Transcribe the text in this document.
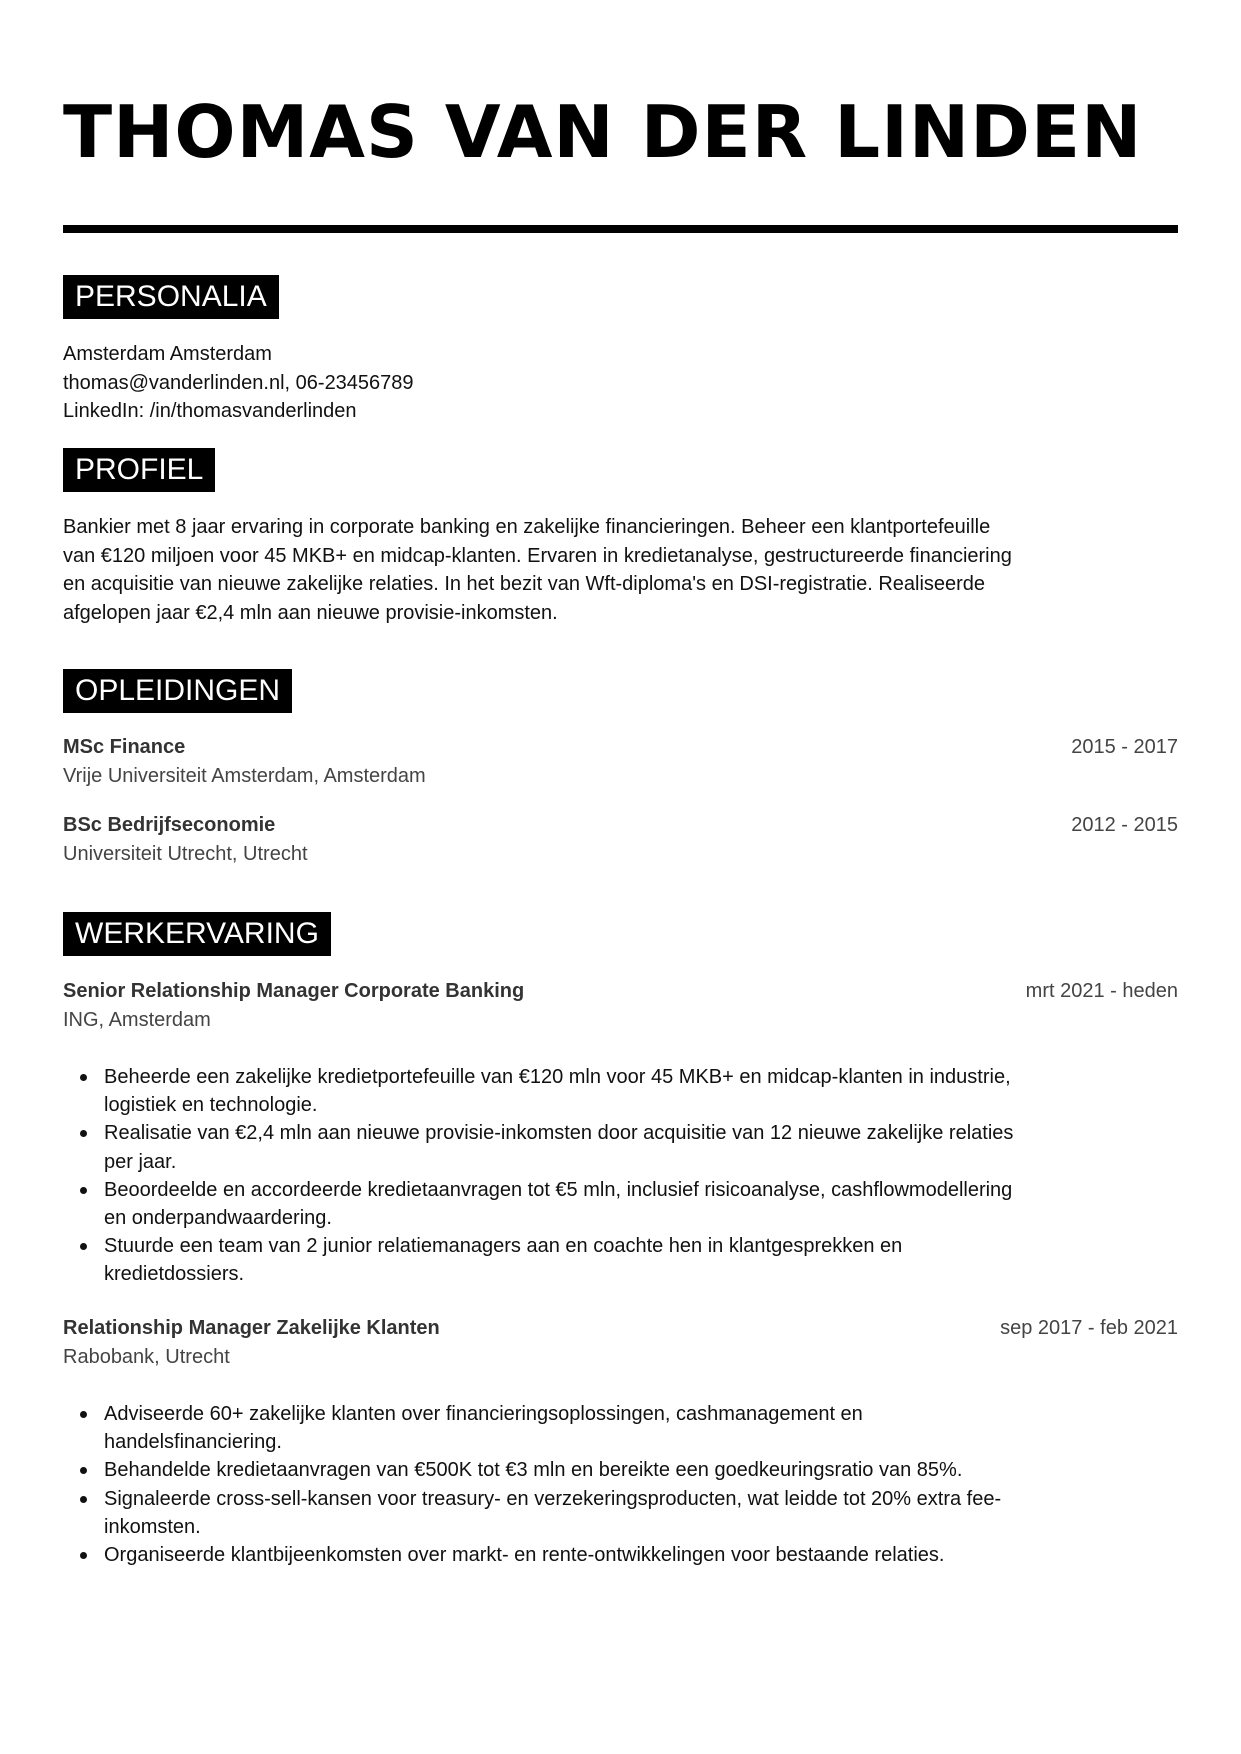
THOMAS VAN DER LINDEN
PERSONALIA
Amsterdam Amsterdam
thomas@vanderlinden.nl, 06-23456789
LinkedIn: /in/thomasvanderlinden
PROFIEL
Bankier met 8 jaar ervaring in corporate banking en zakelijke financieringen. Beheer een klantportefeuille
van €120 miljoen voor 45 MKB+ en midcap-klanten. Ervaren in kredietanalyse, gestructureerde financiering
en acquisitie van nieuwe zakelijke relaties. In het bezit van Wft-diploma's en DSI-registratie. Realiseerde
afgelopen jaar €2,4 mln aan nieuwe provisie-inkomsten.
OPLEIDINGEN
MSc Finance	2015 - 2017
Vrije Universiteit Amsterdam, Amsterdam
BSc Bedrijfseconomie	2012 - 2015
Universiteit Utrecht, Utrecht
WERKERVARING
Senior Relationship Manager Corporate Banking	mrt 2021 - heden
ING, Amsterdam
Beheerde een zakelijke kredietportefeuille van €120 mln voor 45 MKB+ en midcap-klanten in industrie,
logistiek en technologie.
Realisatie van €2,4 mln aan nieuwe provisie-inkomsten door acquisitie van 12 nieuwe zakelijke relaties
per jaar.
Beoordeelde en accordeerde kredietaanvragen tot €5 mln, inclusief risicoanalyse, cashflowmodellering
en onderpandwaardering.
Stuurde een team van 2 junior relatiemanagers aan en coachte hen in klantgesprekken en
kredietdossiers.
Relationship Manager Zakelijke Klanten	sep 2017 - feb 2021
Rabobank, Utrecht
Adviseerde 60+ zakelijke klanten over financieringsoplossingen, cashmanagement en
handelsfinanciering.
Behandelde kredietaanvragen van €500K tot €3 mln en bereikte een goedkeuringsratio van 85%.
Signaleerde cross-sell-kansen voor treasury- en verzekeringsproducten, wat leidde tot 20% extra fee-
inkomsten.
Organiseerde klantbijeenkomsten over markt- en rente-ontwikkelingen voor bestaande relaties.
